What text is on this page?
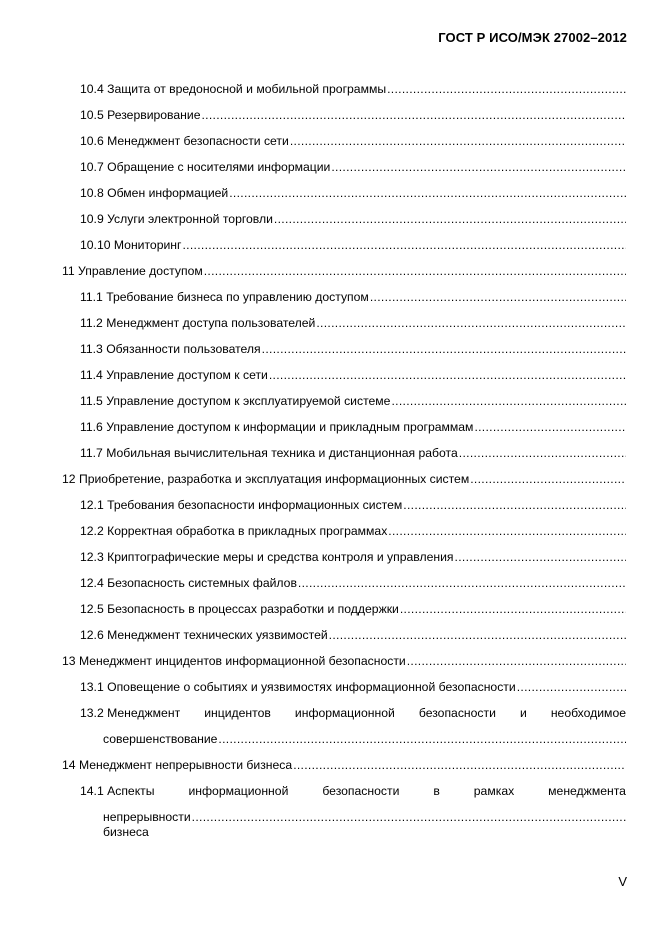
ГОСТ Р ИСО/МЭК 27002–2012
10.4 Защита от вредоносной и мобильной программы
.....
10.5 Резервирование
.....
10.6 Менеджмент безопасности сети
.....
10.7 Обращение с носителями информации
.....
10.8 Обмен информацией
.....
10.9 Услуги электронной торговли
.....
10.10 Мониторинг
.....
11 Управление доступом
.....
11.1 Требование бизнеса по управлению доступом
.....
11.2 Менеджмент доступа пользователей
.....
11.3 Обязанности пользователя
.....
11.4 Управление доступом к сети
.....
11.5 Управление доступом к эксплуатируемой системе
.....
11.6 Управление доступом к информации и прикладным программам
.....
11.7 Мобильная вычислительная техника и дистанционная работа
.....
12 Приобретение, разработка и эксплуатация информационных систем
.....
12.1 Требования безопасности информационных систем
.....
12.2 Корректная обработка в прикладных программах
.....
12.3 Криптографические меры и средства контроля и управления
.....
12.4 Безопасность системных файлов
.....
12.5 Безопасность в процессах разработки и поддержки
.....
12.6 Менеджмент технических уязвимостей
.....
13 Менеджмент инцидентов информационной безопасности
.....
13.1 Оповещение о событиях и уязвимостях информационной безопасности
.....
13.2 Менеджмент инцидентов информационной безопасности и необходимое
совершенствование
.....
14 Менеджмент непрерывности бизнеса
.....
14.1 Аспекты	информационной	безопасности	в	рамках	менеджмента
непрерывности бизнеса
.....
V
